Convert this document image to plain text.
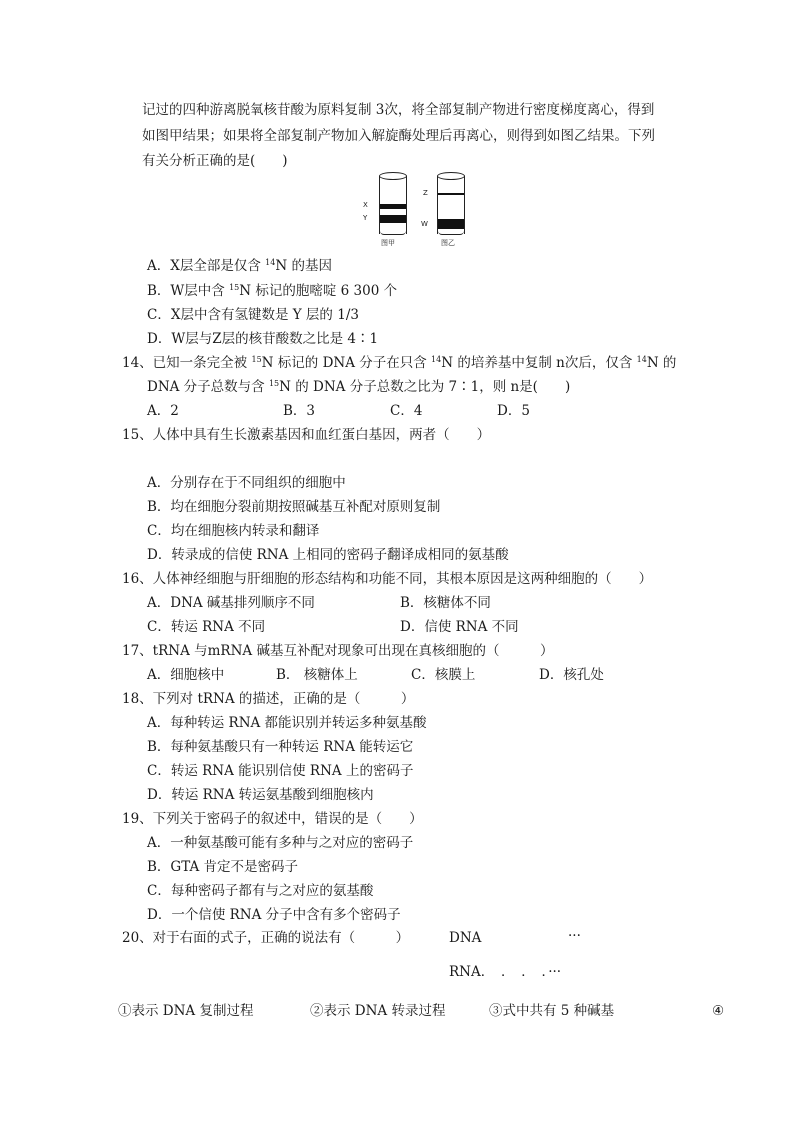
记过的四种游离脱氧核苷酸为原料复制 3次，将全部复制产物进行密度梯度离心，得到
如图甲结果；如果将全部复制产物加入解旋酶处理后再离心，则得到如图乙结果。下列
有关分析正确的是(　　)
X
Y
Z
W
图甲	图乙
A．X层全部是仅含 $^{14}$N 的基因
B．W层中含 $^{15}$N 标记的胞嘧啶 6 300 个
C．X层中含有氢键数是 Y 层的 1/3
D．W层与Z层的核苷酸数之比是 4∶1
14、已知一条完全被 $^{15}$N 标记的 DNA 分子在只含 $^{14}$N 的培养基中复制 n次后，仅含 $^{14}$N 的
DNA 分子总数与含 $^{15}$N 的 DNA 分子总数之比为 7∶1，则 n是(　　)
A．2	B．3	C．4	D．5
15、人体中具有生长激素基因和血红蛋白基因，两者（　　）
A．分别存在于不同组织的细胞中
B．均在细胞分裂前期按照碱基互补配对原则复制
C．均在细胞核内转录和翻译
D．转录成的信使 RNA 上相同的密码子翻译成相同的氨基酸
16、人体神经细胞与肝细胞的形态结构和功能不同，其根本原因是这两种细胞的（　　）
A．DNA 碱基排列顺序不同	B．核糖体不同
C．转运 RNA 不同	D．信使 RNA 不同
17、tRNA 与mRNA 碱基互补配对现象可出现在真核细胞的（　　　）
A．细胞核中	B． 核糖体上	C．核膜上	D．核孔处
18、下列对 tRNA 的描述，正确的是（　　　）
A．每种转运 RNA 都能识别并转运多种氨基酸
B．每种氨基酸只有一种转运 RNA 能转运它
C．转运 RNA 能识别信使 RNA 上的密码子
D．转运 RNA 转运氨基酸到细胞核内
19、下列关于密码子的叙述中，错误的是（　　）
A．一种氨基酸可能有多种与之对应的密码子
B．GTA 肯定不是密码子
C．每种密码子都有与之对应的氨基酸
D．一个信使 RNA 分子中含有多个密码子
20、对于右面的式子，正确的说法有（　　　）	DNA	···
RNA．　．　．　．···
①表示 DNA 复制过程	②表示 DNA 转录过程	③式中共有 5 种碱基	④
